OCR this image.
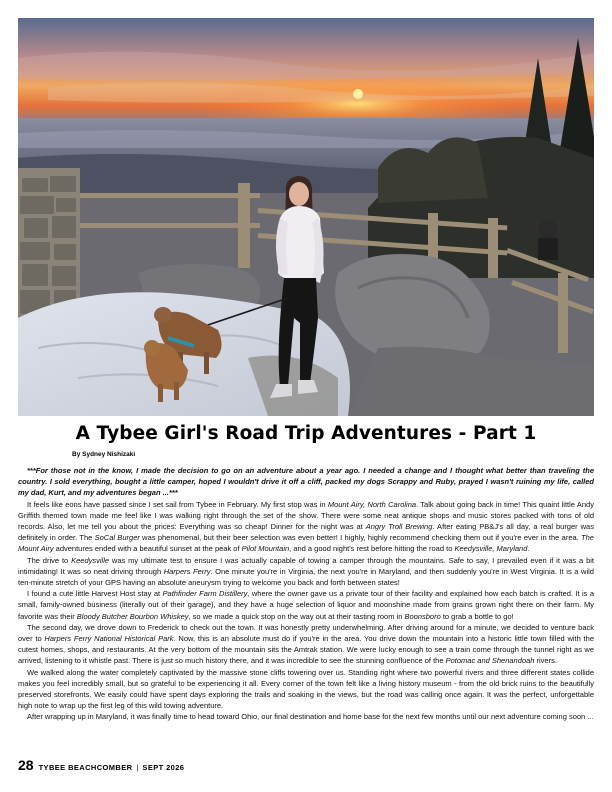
A Tybee Girl's Road Trip Adventures - Part 1

By Sydney Nishizaki

***For those not in the know, I made the decision to go on an adventure about a year ago. I needed a change and I thought what better than traveling the country. I sold everything, bought a little camper, hoped I wouldn't drive it off a cliff, packed my dogs Scrappy and Ruby, prayed I wasn't ruining my life, called my dad, Kurt, and my adventures began ...***

It feels like eons have passed since I set sail from Tybee in February. My first stop was in Mount Airy, North Carolina. Talk about going back in time! This quaint little Andy Griffith themed town made me feel like I was walking right through the set of the show. There were some neat antique shops and music stores packed with tons of old records. Also, let me tell you about the prices: Everything was so cheap! Dinner for the night was at Angry Troll Brewing. After eating PB&J's all day, a real burger was definitely in order. The SoCal Burger was phenomenal, but their beer selection was even better! I highly, highly recommend checking them out if you're ever in the area. The Mount Airy adventures ended with a beautiful sunset at the peak of Pilot Mountain, and a good night's rest before hitting the road to Keedysville, Maryland.

The drive to Keedysville was my ultimate test to ensure I was actually capable of towing a camper through the mountains. Safe to say, I prevailed even if it was a bit intimidating! It was so neat driving through Harpers Ferry. One minute you're in Virginia, the next you're in Maryland, and then suddenly you're in West Virginia. It is a wild ten-minute stretch of your GPS having an absolute aneurysm trying to welcome you back and forth between states!

I found a cute little Harvest Host stay at Pathfinder Farm Distillery, where the owner gave us a private tour of their facility and explained how each batch is crafted. It is a small, family-owned business (literally out of their garage), and they have a huge selection of liquor and moonshine made from grains grown right there on their farm. My favorite was their Bloody Butcher Bourbon Whiskey, so we made a quick stop on the way out at their tasting room in Boonsboro to grab a bottle to go!

The second day, we drove down to Frederick to check out the town. It was honestly pretty underwhelming. After driving around for a minute, we decided to venture back over to Harpers Ferry National Historical Park. Now, this is an absolute must do if you're in the area. You drive down the mountain into a historic little town filled with the cutest homes, shops, and restaurants. At the very bottom of the mountain sits the Amtrak station. We were lucky enough to see a train come through the tunnel right as we arrived, listening to it whistle past. There is just so much history there, and it was incredible to see the stunning confluence of the Potomac and Shenandoah rivers.

We walked along the water completely captivated by the massive stone cliffs towering over us. Standing right where two powerful rivers and three different states collide makes you feel incredibly small, but so grateful to be experiencing it all. Every corner of the town felt like a living history museum - from the old brick ruins to the beautifully preserved storefronts. We easily could have spent days exploring the trails and soaking in the views, but the road was calling once again. It was the perfect, unforgettable high note to wrap up the first leg of this wild towing adventure.

After wrapping up in Maryland, it was finally time to head toward Ohio, our final destination and home base for the next few months until our next adventure coming soon ...

28 TYBEE BEACHCOMBER | SEPT 2026
